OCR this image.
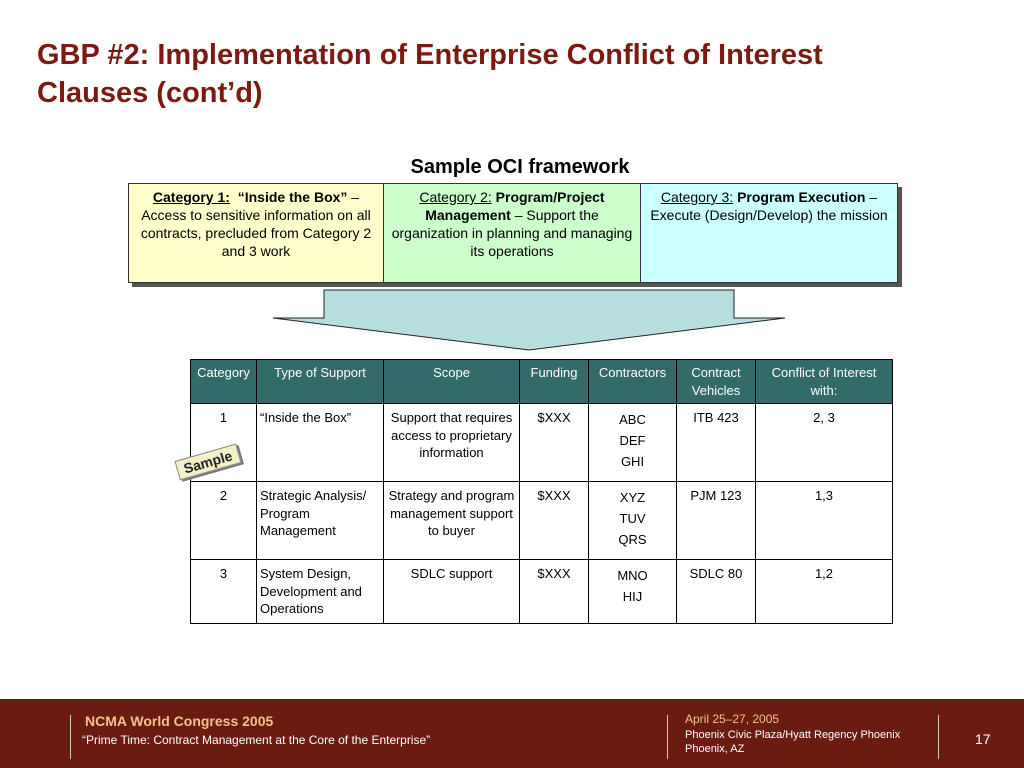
GBP #2: Implementation of Enterprise Conflict of Interest
Clauses (cont’d)
Sample OCI framework
Category 1: “Inside the Box” – Access to sensitive information on all contracts, precluded from Category 2 and 3 work
Category 2: Program/Project Management – Support the organization in planning and managing its operations
Category 3: Program Execution – Execute (Design/Develop) the mission
Category	Type of Support	Scope	Funding	Contractors	Contract Vehicles	Conflict of Interest with:
1	“Inside the Box”	Support that requires access to proprietary information	$XXX	ABC
DEF
GHI	ITB 423	2, 3
2	Strategic Analysis/ Program Management	Strategy and program management support to buyer	$XXX	XYZ
TUV
QRS	PJM 123	1,3
3	System Design, Development and Operations	SDLC support	$XXX	MNO
HIJ	SDLC 80	1,2
Sample
NCMA World Congress 2005
“Prime Time: Contract Management at the Core of the Enterprise”
April 25–27, 2005
Phoenix Civic Plaza/Hyatt Regency Phoenix
Phoenix, AZ
17
